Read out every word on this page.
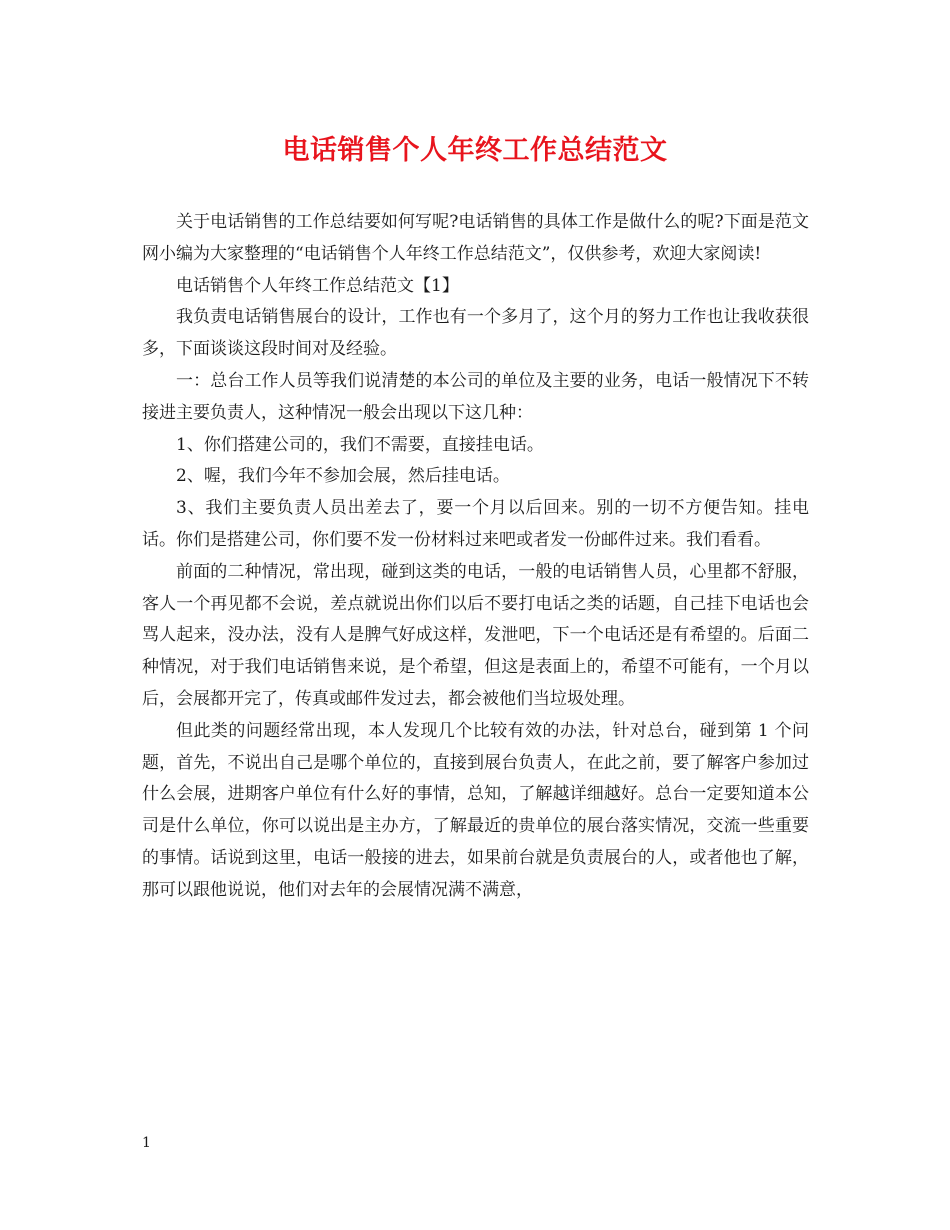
电话销售个人年终工作总结范文

关于电话销售的工作总结要如何写呢?电话销售的具体工作是做什么的呢?下面是范文网小编为大家整理的“电话销售个人年终工作总结范文”，仅供参考，欢迎大家阅读!

电话销售个人年终工作总结范文【1】

我负责电话销售展台的设计，工作也有一个多月了，这个月的努力工作也让我收获很多，下面谈谈这段时间对及经验。

一：总台工作人员等我们说清楚的本公司的单位及主要的业务，电话一般情况下不转接进主要负责人，这种情况一般会出现以下这几种：

1、你们搭建公司的，我们不需要，直接挂电话。

2、喔，我们今年不参加会展，然后挂电话。

3、我们主要负责人员出差去了，要一个月以后回来。别的一切不方便告知。挂电话。你们是搭建公司，你们要不发一份材料过来吧或者发一份邮件过来。我们看看。

前面的二种情况，常出现，碰到这类的电话，一般的电话销售人员，心里都不舒服，客人一个再见都不会说，差点就说出你们以后不要打电话之类的话题，自己挂下电话也会骂人起来，没办法，没有人是脾气好成这样，发泄吧，下一个电话还是有希望的。后面二种情况，对于我们电话销售来说，是个希望，但这是表面上的，希望不可能有，一个月以后，会展都开完了，传真或邮件发过去，都会被他们当垃圾处理。

但此类的问题经常出现，本人发现几个比较有效的办法，针对总台，碰到第 1 个问题，首先，不说出自己是哪个单位的，直接到展台负责人，在此之前，要了解客户参加过什么会展，进期客户单位有什么好的事情，总知，了解越详细越好。总台一定要知道本公司是什么单位，你可以说出是主办方，了解最近的贵单位的展台落实情况，交流一些重要的事情。话说到这里，电话一般接的进去，如果前台就是负责展台的人，或者他也了解，那可以跟他说说，他们对去年的会展情况满不满意，

1
